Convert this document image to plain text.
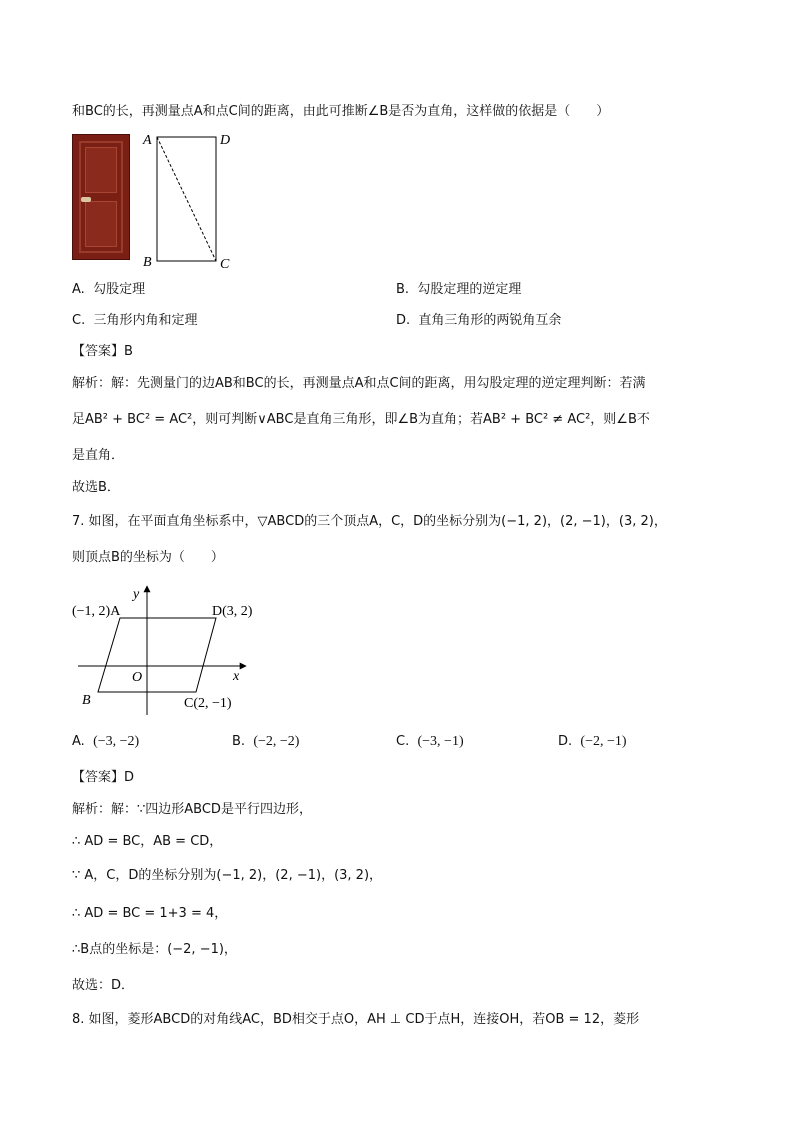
和BC的长，再测量点A和点C间的距离，由此可推断∠B是否为直角，这样做的依据是（　　）
A	D
B	C
A. 勾股定理	B. 勾股定理的逆定理
C. 三角形内角和定理	D. 直角三角形的两锐角互余
【答案】B
解析：解：先测量门的边AB和BC的长，再测量点A和点C间的距离，用勾股定理的逆定理判断：若满
足AB² + BC² = AC²，则可判断∨ABC是直角三角形，即∠B为直角；若AB² + BC² ≠ AC²，则∠B不
是直角．
故选B．
7. 如图，在平面直角坐标系中，▽ABCD的三个顶点A，C，D的坐标分别为(−1, 2)，(2, −1)，(3, 2)，
则顶点B的坐标为（　　）
y
x
O
(−1, 2)A	D(3, 2)
B	C(2, −1)
A. (−3, −2)	B. (−2, −2)	C. (−3, −1)	D. (−2, −1)
【答案】D
解析：解：∵四边形ABCD是平行四边形，
∴ AD = BC，AB = CD，
∵ A，C，D的坐标分别为(−1, 2)，(2, −1)，(3, 2)，
∴ AD = BC = 1+3 = 4，
∴B点的坐标是：(−2, −1)，
故选：D．
8. 如图，菱形ABCD的对角线AC，BD相交于点O，AH ⊥ CD于点H，连接OH，若OB = 12，菱形
